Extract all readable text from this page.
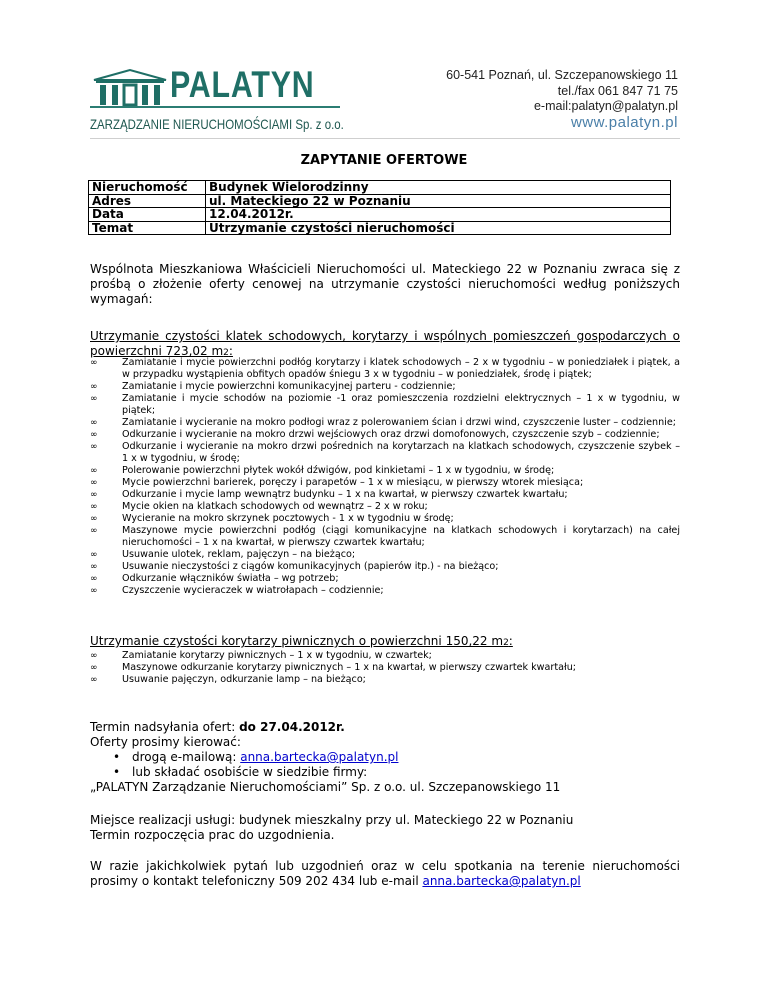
PALATYN
ZARZĄDZANIE NIERUCHOMOŚCIAMI Sp. z o.o.
60-541 Poznań, ul. Szczepanowskiego 11
tel./fax 061 847 71 75
e-mail:palatyn@palatyn.pl
www.palatyn.pl
ZAPYTANIE OFERTOWE
Nieruchomość	Budynek Wielorodzinny
Adres	ul. Mateckiego 22 w Poznaniu
Data	12.04.2012r.
Temat	Utrzymanie czystości nieruchomości
Wspólnota Mieszkaniowa Właścicieli Nieruchomości ul. Mateckiego 22 w Poznaniu zwraca się z prośbą o złożenie oferty cenowej na utrzymanie czystości nieruchomości według poniższych wymagań:
Utrzymanie czystości klatek schodowych, korytarzy i wspólnych pomieszczeń gospodarczych o powierzchni 723,02 m2:
∞	Zamiatanie i mycie powierzchni podłóg korytarzy i klatek schodowych – 2 x w tygodniu – w poniedziałek i piątek, a w przypadku wystąpienia obfitych opadów śniegu 3 x w tygodniu – w poniedziałek, środę i piątek;
∞	Zamiatanie i mycie powierzchni komunikacyjnej parteru - codziennie;
∞	Zamiatanie i mycie schodów na poziomie -1 oraz pomieszczenia rozdzielni elektrycznych – 1 x w tygodniu, w piątek;
∞	Zamiatanie i wycieranie na mokro podłogi wraz z polerowaniem ścian i drzwi wind, czyszczenie luster – codziennie;
∞	Odkurzanie i wycieranie na mokro drzwi wejściowych oraz drzwi domofonowych, czyszczenie szyb – codziennie;
∞	Odkurzanie i wycieranie na mokro drzwi pośrednich na korytarzach na klatkach schodowych, czyszczenie szybek – 1 x w tygodniu, w środę;
∞	Polerowanie powierzchni płytek wokół dźwigów, pod kinkietami – 1 x w tygodniu, w środę;
∞	Mycie powierzchni barierek, poręczy i parapetów – 1 x w miesiącu, w pierwszy wtorek miesiąca;
∞	Odkurzanie i mycie lamp wewnątrz budynku – 1 x na kwartał, w pierwszy czwartek kwartału;
∞	Mycie okien na klatkach schodowych od wewnątrz – 2 x w roku;
∞	Wycieranie na mokro skrzynek pocztowych - 1 x w tygodniu w środę;
∞	Maszynowe mycie powierzchni podłóg (ciągi komunikacyjne na klatkach schodowych i korytarzach) na całej nieruchomości – 1 x na kwartał, w pierwszy czwartek kwartału;
∞	Usuwanie ulotek, reklam, pajęczyn – na bieżąco;
∞	Usuwanie nieczystości z ciągów komunikacyjnych (papierów itp.) - na bieżąco;
∞	Odkurzanie włączników światła – wg potrzeb;
∞	Czyszczenie wycieraczek w wiatrołapach – codziennie;
Utrzymanie czystości korytarzy piwnicznych o powierzchni 150,22 m2:
∞	Zamiatanie korytarzy piwnicznych – 1 x w tygodniu, w czwartek;
∞	Maszynowe odkurzanie korytarzy piwnicznych – 1 x na kwartał, w pierwszy czwartek kwartału;
∞	Usuwanie pajęczyn, odkurzanie lamp – na bieżąco;
Termin nadsyłania ofert: do 27.04.2012r.
Oferty prosimy kierować:
• drogą e-mailową: anna.bartecka@palatyn.pl
• lub składać osobiście w siedzibie firmy:
„PALATYN Zarządzanie Nieruchomościami” Sp. z o.o. ul. Szczepanowskiego 11
Miejsce realizacji usługi: budynek mieszkalny przy ul. Mateckiego 22 w Poznaniu
Termin rozpoczęcia prac do uzgodnienia.
W razie jakichkolwiek pytań lub uzgodnień oraz w celu spotkania na terenie nieruchomości prosimy o kontakt telefoniczny 509 202 434 lub e-mail anna.bartecka@palatyn.pl
